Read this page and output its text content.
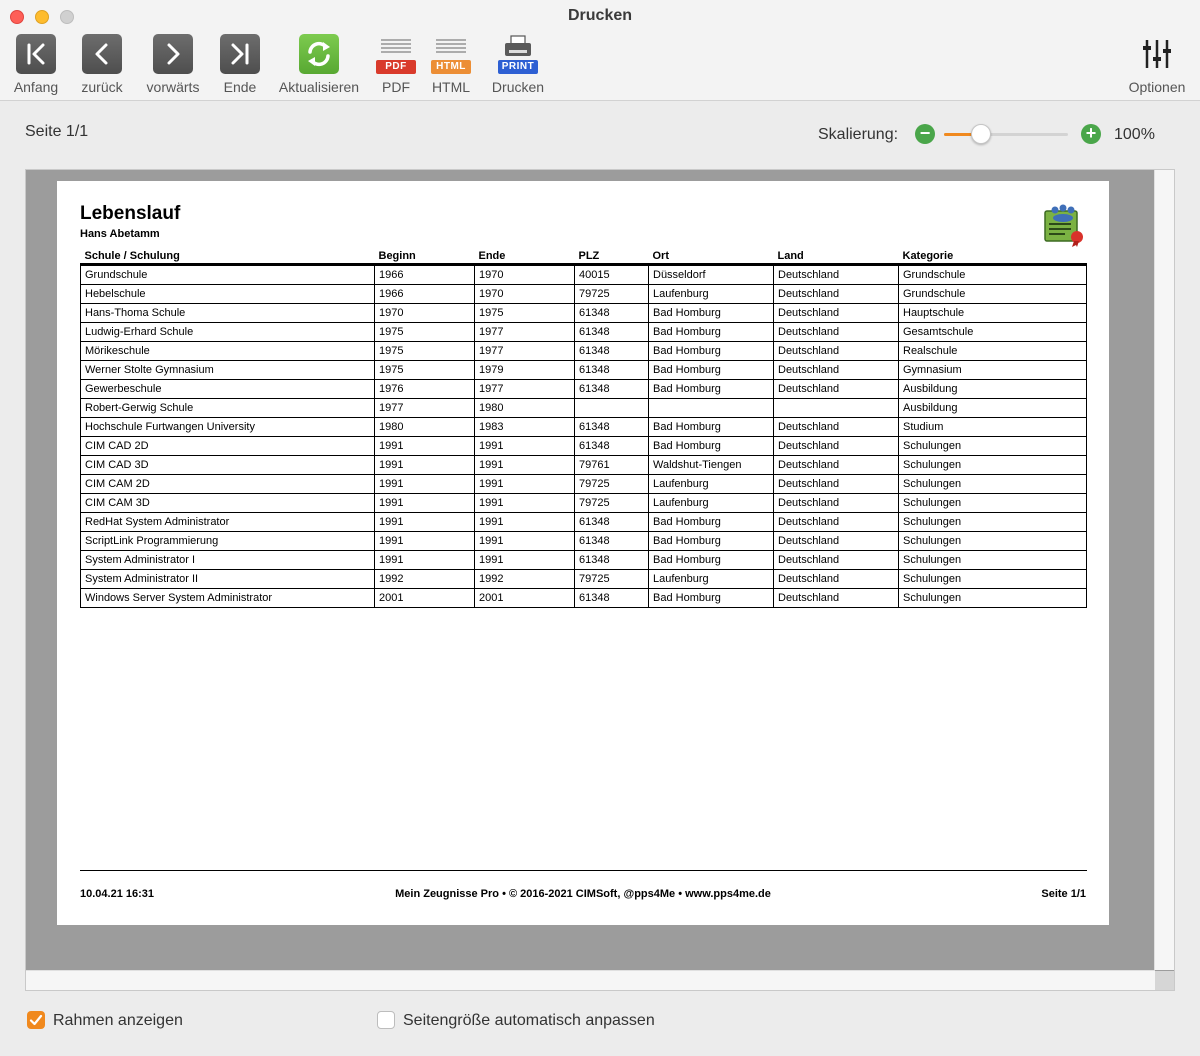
Drucken
Anfang zurück vorwärts	Ende	Aktualisieren
PDF
PDF
HTML
HTML
PRINT
Drucken	Optionen
Seite 1/1	Skalierung: −	+ 100%
Lebenslauf
Hans Abetamm
Schule / Schulung	Beginn	Ende	PLZ	Ort	Land	Kategorie
Grundschule	1966	1970	40015	Düsseldorf	Deutschland	Grundschule
Hebelschule	1966	1970	79725	Laufenburg	Deutschland	Grundschule
Hans-Thoma Schule	1970	1975	61348	Bad Homburg	Deutschland	Hauptschule
Ludwig-Erhard Schule	1975	1977	61348	Bad Homburg	Deutschland	Gesamtschule
Mörikeschule	1975	1977	61348	Bad Homburg	Deutschland	Realschule
Werner Stolte Gymnasium	1975	1979	61348	Bad Homburg	Deutschland	Gymnasium
Gewerbeschule	1976	1977	61348	Bad Homburg	Deutschland	Ausbildung
Robert-Gerwig Schule	1977	1980				Ausbildung
Hochschule Furtwangen University	1980	1983	61348	Bad Homburg	Deutschland	Studium
CIM CAD 2D	1991	1991	61348	Bad Homburg	Deutschland	Schulungen
CIM CAD 3D	1991	1991	79761	Waldshut-Tiengen	Deutschland	Schulungen
CIM CAM 2D	1991	1991	79725	Laufenburg	Deutschland	Schulungen
CIM CAM 3D	1991	1991	79725	Laufenburg	Deutschland	Schulungen
RedHat System Administrator	1991	1991	61348	Bad Homburg	Deutschland	Schulungen
ScriptLink Programmierung	1991	1991	61348	Bad Homburg	Deutschland	Schulungen
System Administrator I	1991	1991	61348	Bad Homburg	Deutschland	Schulungen
System Administrator II	1992	1992	79725	Laufenburg	Deutschland	Schulungen
Windows Server System Administrator	2001	2001	61348	Bad Homburg	Deutschland	Schulungen
10.04.21 16:31	Mein Zeugnisse Pro • © 2016-2021 CIMSoft, @pps4Me • www.pps4me.de	Seite 1/1
Rahmen anzeigen	Seitengröße automatisch anpassen
